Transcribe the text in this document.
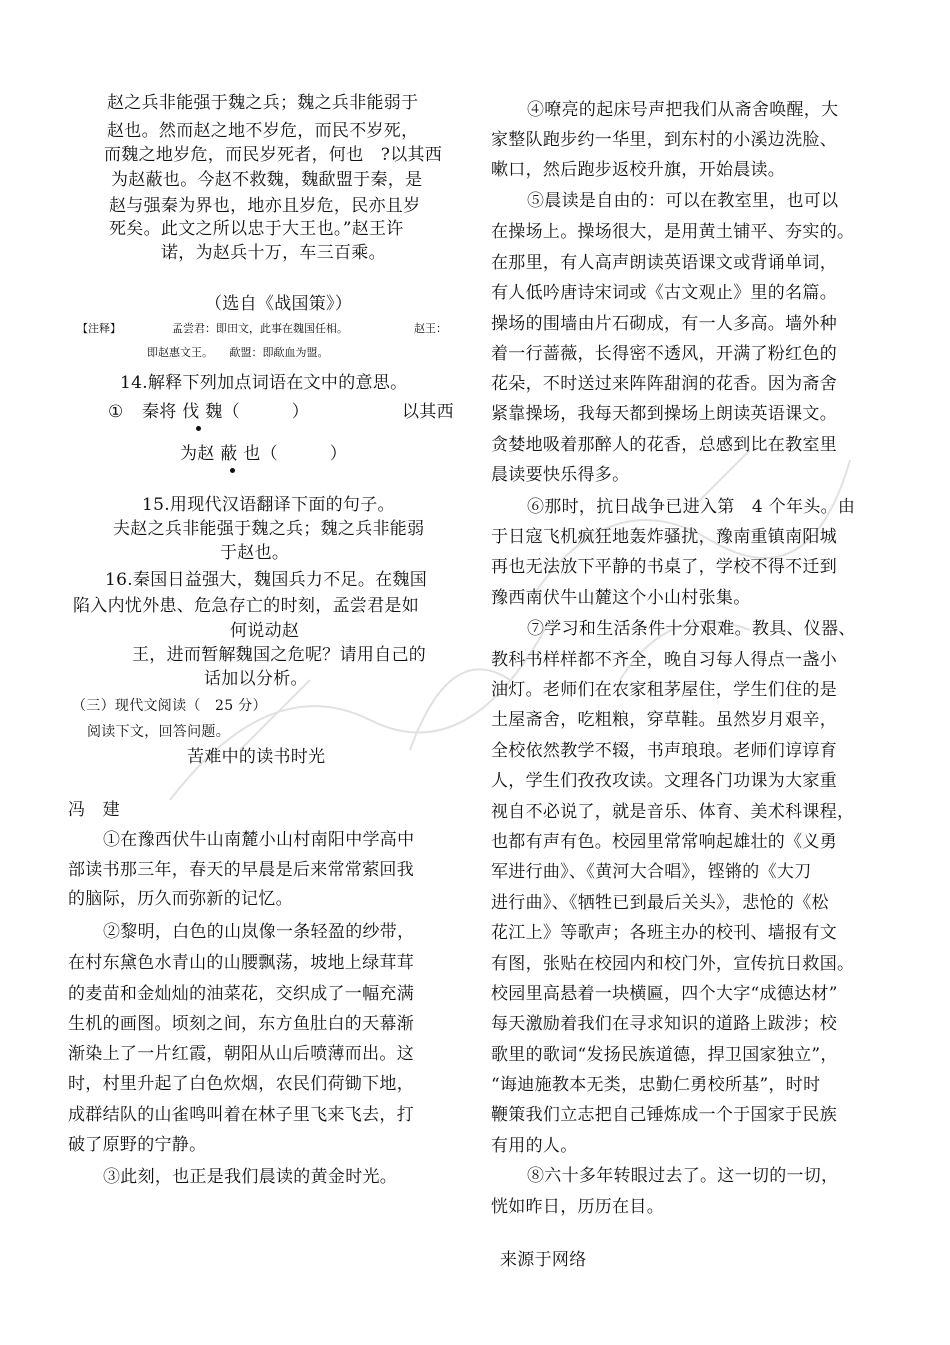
赵之兵非能强于魏之兵；魏之兵非能弱于
赵也。然而赵之地不岁危，而民不岁死，
而魏之地岁危，而民岁死者，何也　?以其西
为赵蔽也。今赵不救魏，魏歃盟于秦，是
赵与强秦为界也，地亦且岁危，民亦且岁
死矣。此文之所以忠于大王也。”赵王许
诺，为赵兵十万，车三百乘。
（选自《战国策》）
【注释】	孟尝君：即田文，此事在魏国任相。	赵王：
即赵惠文王。　　歃盟：即歃血为盟。
14.解释下列加点词语在文中的意思。
① 秦将 伐 魏（　　　）	以其西
为赵 蔽 也（　　　）
15.用现代汉语翻译下面的句子。
夫赵之兵非能强于魏之兵；魏之兵非能弱
于赵也。
16.秦国日益强大，魏国兵力不足。在魏国
陷入内忧外患、危急存亡的时刻，孟尝君是如
何说动赵
王，进而暂解魏国之危呢？请用自己的
话加以分析。
（三）现代文阅读（　25 分）
阅读下文，回答问题。
苦难中的读书时光
冯　建
①在豫西伏牛山南麓小山村南阳中学高中
部读书那三年，春天的早晨是后来常常萦回我
的脑际，历久而弥新的记忆。
②黎明，白色的山岚像一条轻盈的纱带，
在村东黛色水青山的山腰飘荡，坡地上绿茸茸
的麦苗和金灿灿的油菜花，交织成了一幅充满
生机的画图。顷刻之间，东方鱼肚白的天幕渐
渐染上了一片红霞，朝阳从山后喷薄而出。这
时，村里升起了白色炊烟，农民们荷锄下地，
成群结队的山雀鸣叫着在林子里飞来飞去，打
破了原野的宁静。
③此刻，也正是我们晨读的黄金时光。
④嘹亮的起床号声把我们从斋舍唤醒，大
家整队跑步约一华里，到东村的小溪边洗脸、
嗽口，然后跑步返校升旗，开始晨读。
⑤晨读是自由的：可以在教室里，也可以
在操场上。操场很大，是用黄土铺平、夯实的。
在那里，有人高声朗读英语课文或背诵单词，
有人低吟唐诗宋词或《古文观止》里的名篇。
操场的围墙由片石砌成，有一人多高。墙外种
着一行蔷薇，长得密不透风，开满了粉红色的
花朵，不时送过来阵阵甜润的花香。因为斋舍
紧靠操场，我每天都到操场上朗读英语课文。
贪婪地吸着那醉人的花香，总感到比在教室里
晨读要快乐得多。
⑥那时，抗日战争已进入第　4 个年头。由
于日寇飞机疯狂地轰炸骚扰，豫南重镇南阳城
再也无法放下平静的书桌了，学校不得不迁到
豫西南伏牛山麓这个小山村张集。
⑦学习和生活条件十分艰难。教具、仪器、
教科书样样都不齐全，晚自习每人得点一盏小
油灯。老师们在农家租茅屋住，学生们住的是
土屋斋舍，吃粗粮，穿草鞋。虽然岁月艰辛，
全校依然教学不辍，书声琅琅。老师们谆谆育
人，学生们孜孜攻读。文理各门功课为大家重
视自不必说了，就是音乐、体育、美术科课程，
也都有声有色。校园里常常响起雄壮的《义勇
军进行曲》、《黄河大合唱》，铿锵的《大刀
进行曲》、《牺牲已到最后关头》，悲怆的《松
花江上》等歌声；各班主办的校刊、墙报有文
有图，张贴在校园内和校门外，宣传抗日救国。
校园里高悬着一块横匾，四个大字“成德达材”
每天激励着我们在寻求知识的道路上跋涉；校
歌里的歌词“发扬民族道德，捍卫国家独立”，
“诲迪施教本无类，忠勤仁勇校所基”，时时
鞭策我们立志把自己锤炼成一个于国家于民族
有用的人。
⑧六十多年转眼过去了。这一切的一切，
恍如昨日，历历在目。
来源于网络
